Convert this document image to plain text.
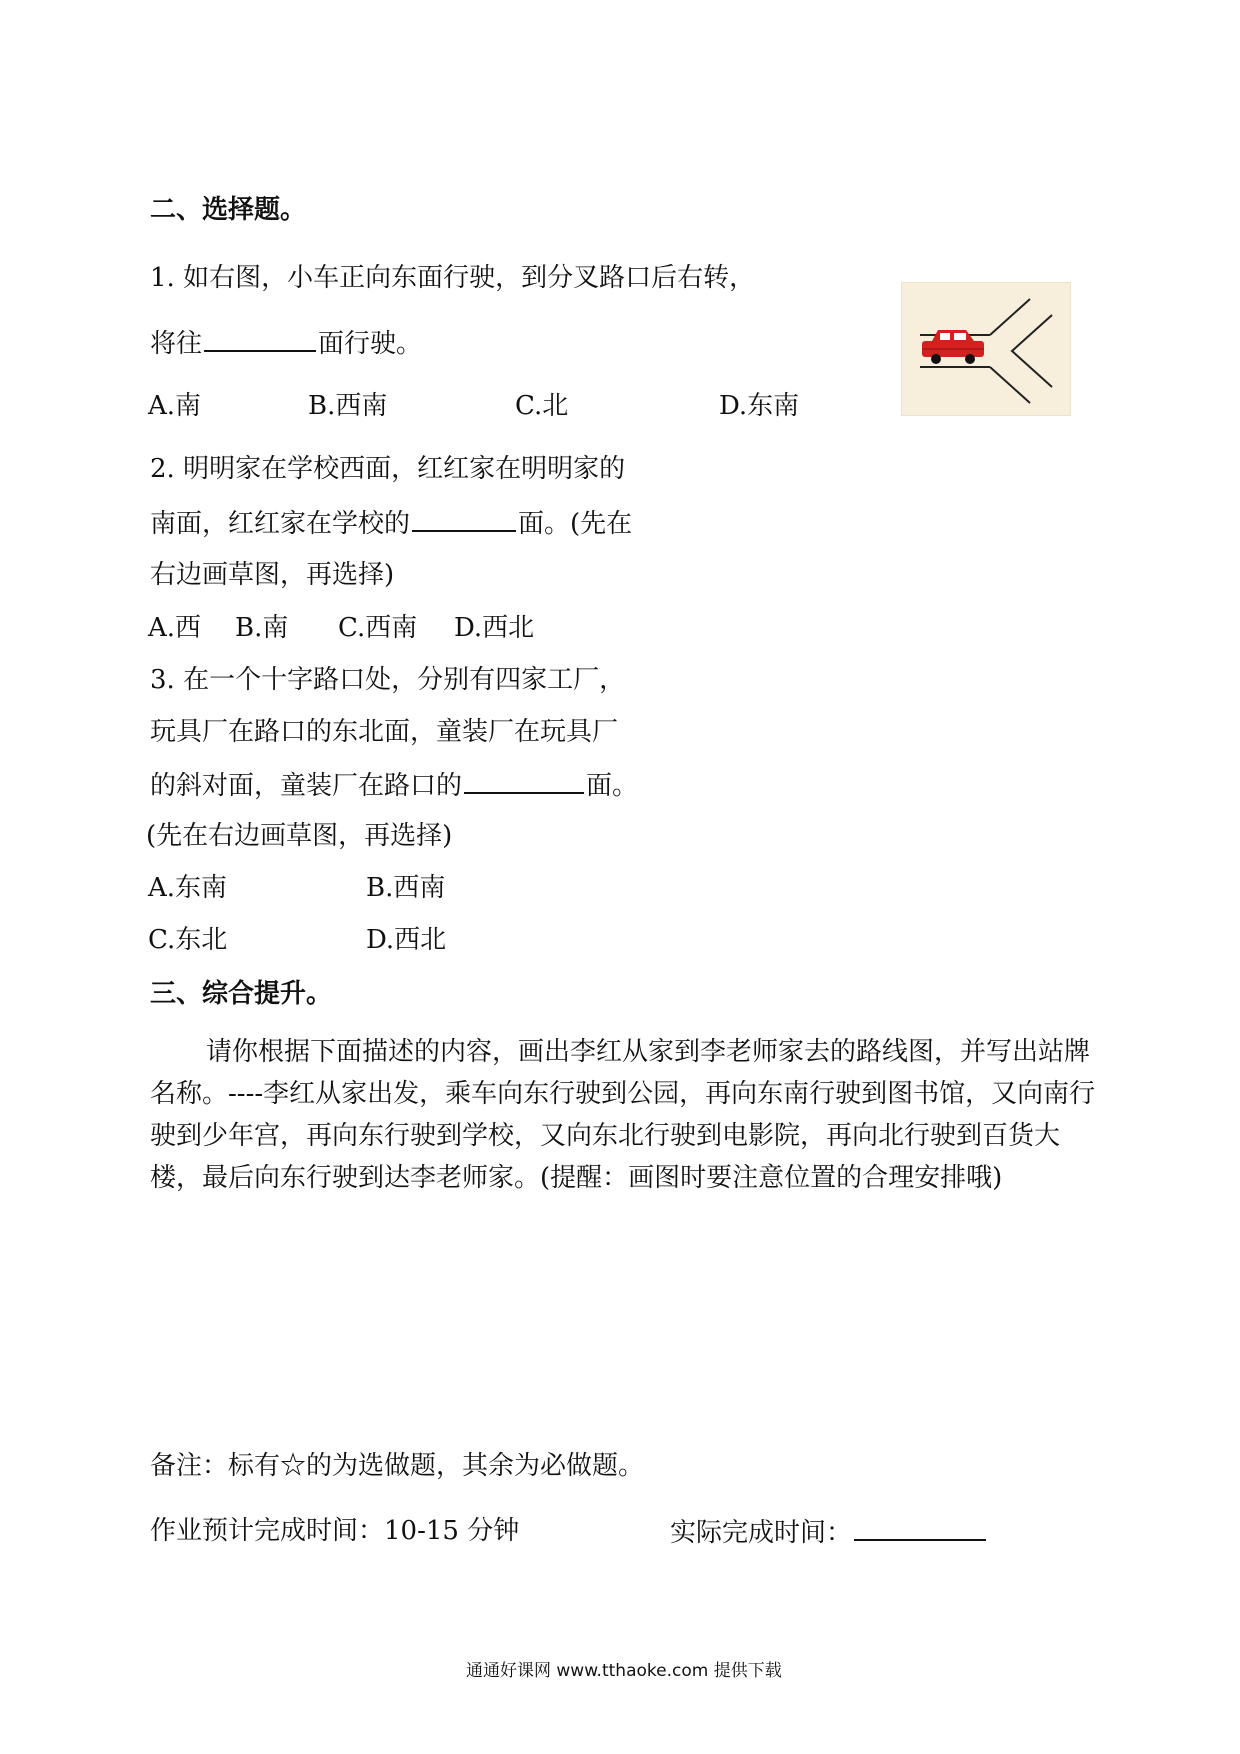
二、选择题。
1. 如右图，小车正向东面行驶，到分叉路口后右转，
将往	面行驶。
A.南	B.西南	C.北	D.东南
2. 明明家在学校西面，红红家在明明家的
南面，红红家在学校的	面。(先在
右边画草图，再选择)
A.西 B.南 C.西南 D.西北
3. 在一个十字路口处，分别有四家工厂，
玩具厂在路口的东北面，童装厂在玩具厂
的斜对面，童装厂在路口的	面。
(先在右边画草图，再选择)
A.东南	B.西南
C.东北	D.西北
三、综合提升。
请你根据下面描述的内容，画出李红从家到李老师家去的路线图，并写出站牌名称。----李红从家出发，乘车向东行驶到公园，再向东南行驶到图书馆，又向南行驶到少年宫，再向东行驶到学校，又向东北行驶到电影院，再向北行驶到百货大楼，最后向东行驶到达李老师家。(提醒：画图时要注意位置的合理安排哦)
备注：标有☆的为选做题，其余为必做题。
作业预计完成时间：10-15 分钟	实际完成时间：
通通好课网 www.tthaoke.com 提供下载
